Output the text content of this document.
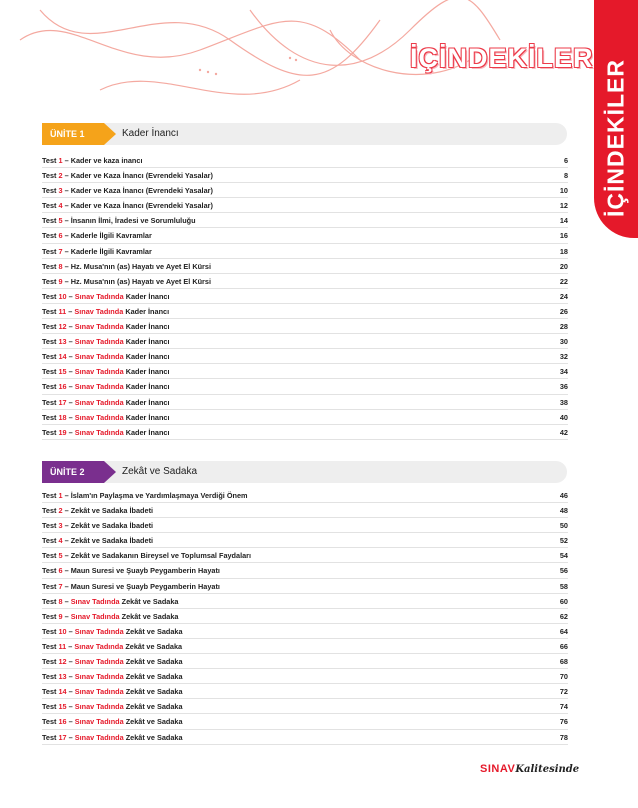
İÇİNDEKİLER
İÇİNDEKİLER
ÜNİTE 1	Kader İnancı
Test 1 – Kader ve kaza inancı	6
Test 2 – Kader ve Kaza İnancı (Evrendeki Yasalar)	8
Test 3 – Kader ve Kaza İnancı (Evrendeki Yasalar)	10
Test 4 – Kader ve Kaza İnancı (Evrendeki Yasalar)	12
Test 5 – İnsanın İlmi, İradesi ve Sorumluluğu	14
Test 6 – Kaderle İlgili Kavramlar	16
Test 7 – Kaderle İlgili Kavramlar	18
Test 8 – Hz. Musa'nın (as) Hayatı ve Ayet El Kürsi	20
Test 9 – Hz. Musa'nın (as) Hayatı ve Ayet El Kürsi	22
Test 10 – Sınav Tadında Kader İnancı	24
Test 11 – Sınav Tadında Kader İnancı	26
Test 12 – Sınav Tadında Kader İnancı	28
Test 13 – Sınav Tadında Kader İnancı	30
Test 14 – Sınav Tadında Kader İnancı	32
Test 15 – Sınav Tadında Kader İnancı	34
Test 16 – Sınav Tadında Kader İnancı	36
Test 17 – Sınav Tadında Kader İnancı	38
Test 18 – Sınav Tadında Kader İnancı	40
Test 19 – Sınav Tadında Kader İnancı	42
ÜNİTE 2	Zekât ve Sadaka
Test 1 – İslam'ın Paylaşma ve Yardımlaşmaya Verdiği Önem	46
Test 2 – Zekât ve Sadaka İbadeti	48
Test 3 – Zekât ve Sadaka İbadeti	50
Test 4 – Zekât ve Sadaka İbadeti	52
Test 5 – Zekât ve Sadakanın Bireysel ve Toplumsal Faydaları	54
Test 6 – Maun Suresi ve Şuayb Peygamberin Hayatı	56
Test 7 – Maun Suresi ve Şuayb Peygamberin Hayatı	58
Test 8 – Sınav Tadında Zekât ve Sadaka	60
Test 9 – Sınav Tadında Zekât ve Sadaka	62
Test 10 – Sınav Tadında Zekât ve Sadaka	64
Test 11 – Sınav Tadında Zekât ve Sadaka	66
Test 12 – Sınav Tadında Zekât ve Sadaka	68
Test 13 – Sınav Tadında Zekât ve Sadaka	70
Test 14 – Sınav Tadında Zekât ve Sadaka	72
Test 15 – Sınav Tadında Zekât ve Sadaka	74
Test 16 – Sınav Tadında Zekât ve Sadaka	76
Test 17 – Sınav Tadında Zekât ve Sadaka	78
SINAVKalitesinde
